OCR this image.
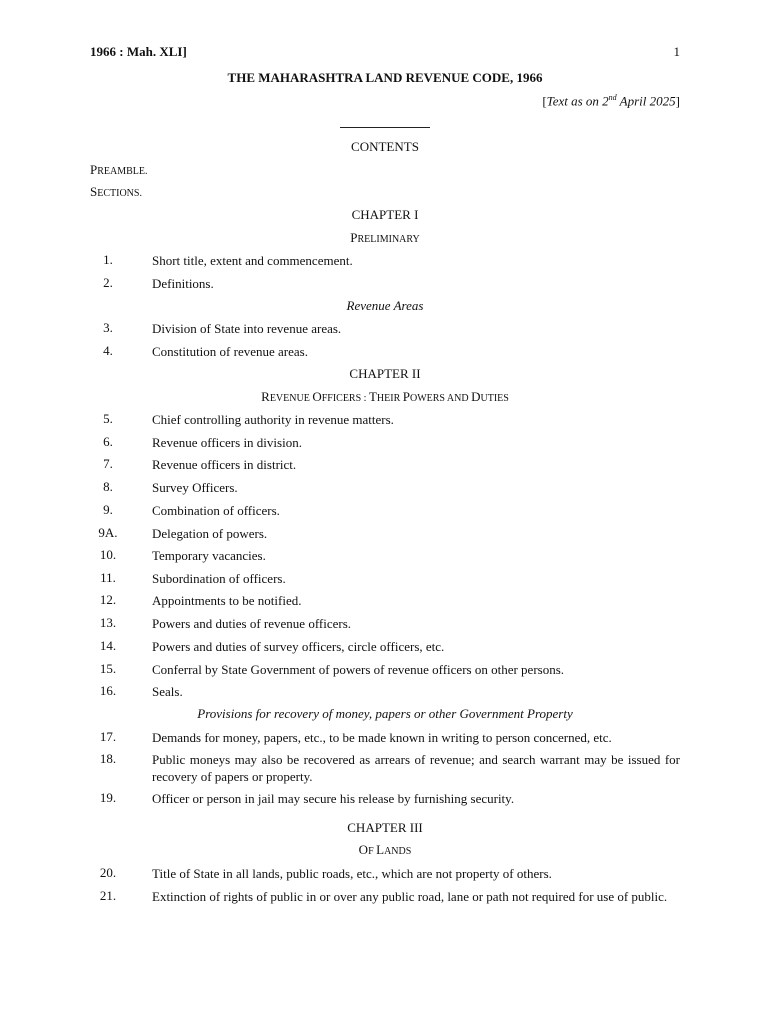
1966 : Mah. XLI]	1
THE MAHARASHTRA LAND REVENUE CODE, 1966
[Text as on 2nd April 2025]
CONTENTS
PREAMBLE.
SECTIONS.
CHAPTER I
PRELIMINARY
1.	Short title, extent and commencement.
2.	Definitions.
Revenue Areas
3.	Division of State into revenue areas.
4.	Constitution of revenue areas.
CHAPTER II
REVENUE OFFICERS : THEIR POWERS AND DUTIES
5.	Chief controlling authority in revenue matters.
6.	Revenue officers in division.
7.	Revenue officers in district.
8.	Survey Officers.
9.	Combination of officers.
9A.	Delegation of powers.
10.	Temporary vacancies.
11.	Subordination of officers.
12.	Appointments to be notified.
13.	Powers and duties of revenue officers.
14.	Powers and duties of survey officers, circle officers, etc.
15.	Conferral by State Government of powers of revenue officers on other persons.
16.	Seals.
Provisions for recovery of money, papers or other Government Property
17.	Demands for money, papers, etc., to be made known in writing to person concerned, etc.
18.	Public moneys may also be recovered as arrears of revenue; and search warrant may be issued for recovery of papers or property.
19.	Officer or person in jail may secure his release by furnishing security.
CHAPTER III
OF LANDS
20.	Title of State in all lands, public roads, etc., which are not property of others.
21.	Extinction of rights of public in or over any public road, lane or path not required for use of public.
